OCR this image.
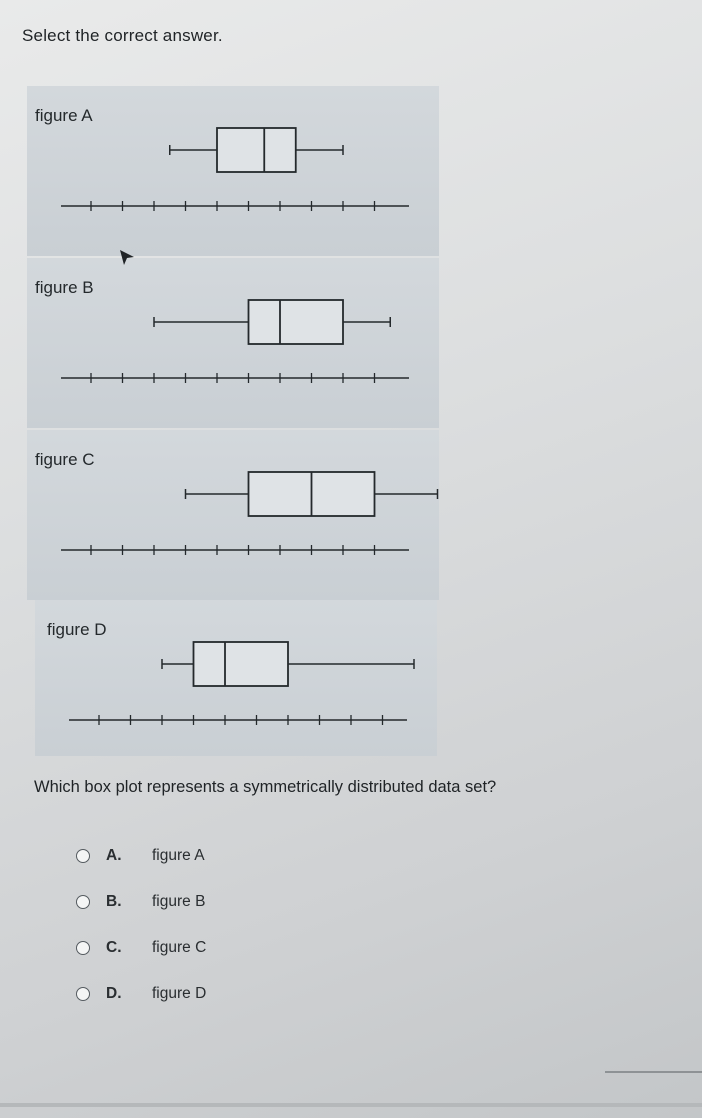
Select the correct answer.
figure A
figure B
figure C
figure D
Which box plot represents a symmetrically distributed data set?
A.	figure A
B.	figure B
C.	figure C
D.	figure D
